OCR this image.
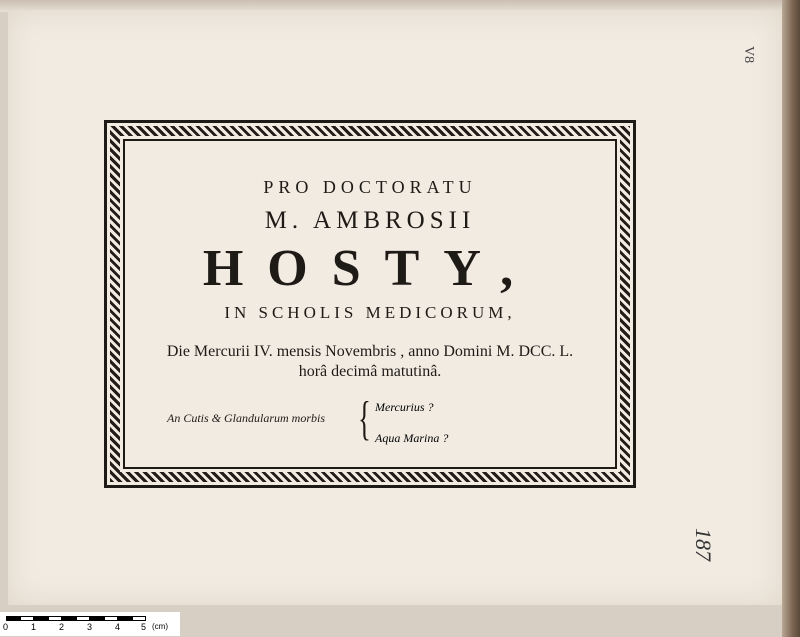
V8
187
PRO DOCTORATU
M. AMBROSII
HOSTY,
IN SCHOLIS MEDICORUM,
Die Mercurii IV. mensis Novembris , anno Domini M. DCC. L.
horâ decimâ matutinâ.
An Cutis & Glandularum morbis { Mercurius ?
Aqua Marina ?
0	1	2	3	4 5 (cm)
